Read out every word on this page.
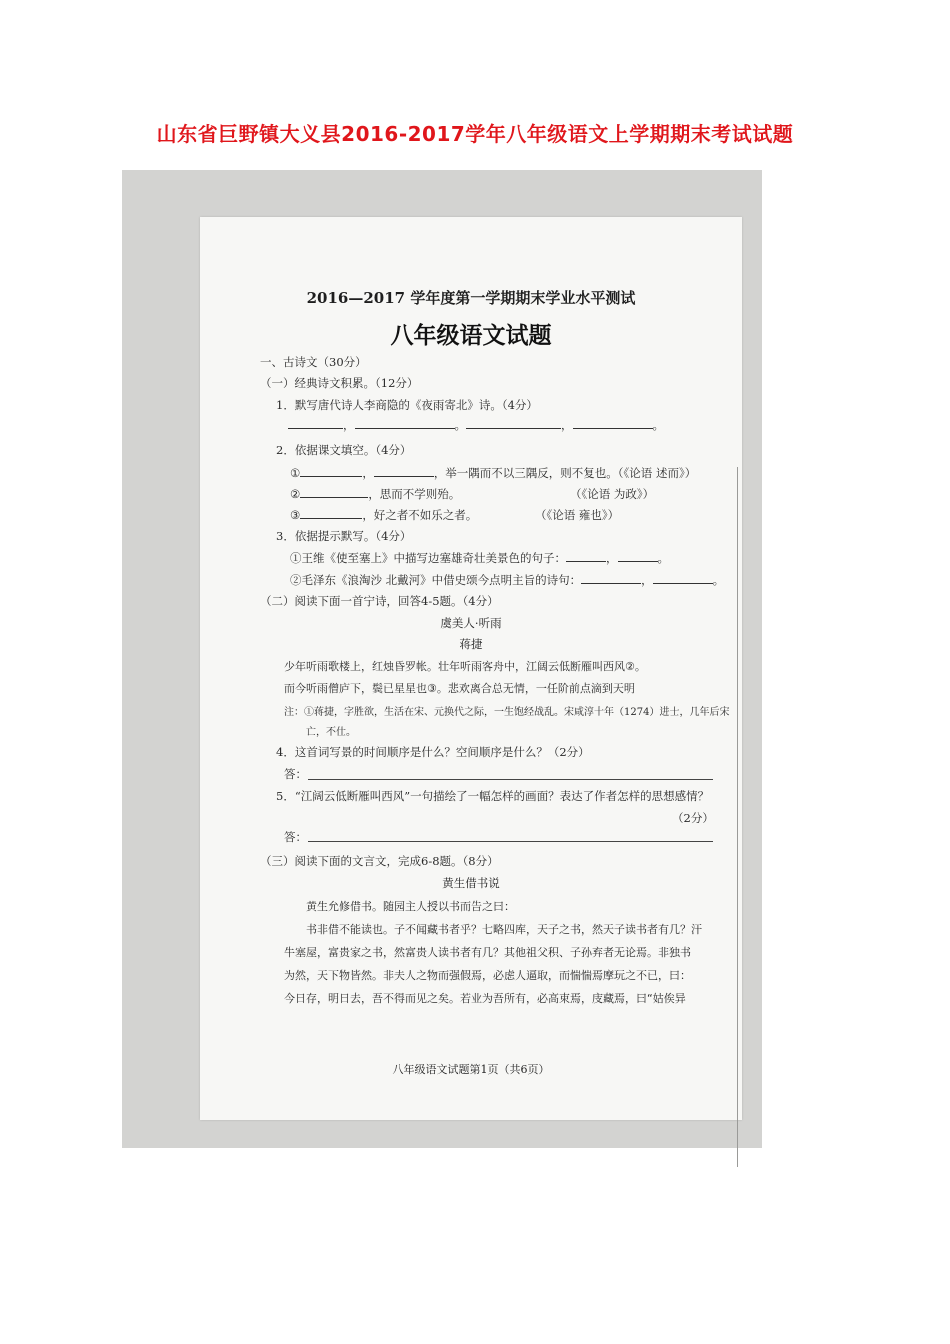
山东省巨野镇大义县2016-2017学年八年级语文上学期期末考试试题
2016—2017 学年度第一学期期末学业水平测试
八年级语文试题
一、古诗文（30分）
（一）经典诗文积累。（12分）
1．默写唐代诗人李商隐的《夜雨寄北》诗。（4分）
，	。	，	。
2．依据课文填空。（4分）
①	，	，举一隅而不以三隅反，则不复也。（《论语 述而》）
②	，思而不学则殆。	（《论语 为政》）
③	，好之者不如乐之者。	（《论语 雍也》）
3．依据提示默写。（4分）
①王维《使至塞上》中描写边塞雄奇壮美景色的句子：	，	。
②毛泽东《浪淘沙 北戴河》中借史颂今点明主旨的诗句：	，	。
（二）阅读下面一首宁诗，回答4-5题。（4分）
虞美人·听雨
蒋捷
少年听雨歌楼上，红烛昏罗帐。壮年听雨客舟中，江阔云低断雁叫西风②。
而今听雨僧庐下，鬓已星星也③。悲欢离合总无情，一任阶前点滴到天明
注：①蒋捷，字胜欲，生活在宋、元换代之际，一生饱经战乱。宋咸淳十年（1274）进士，几年后宋
亡，不仕。
4．这首词写景的时间顺序是什么？空间顺序是什么？（2分）
答：
5．“江阔云低断雁叫西风”一句描绘了一幅怎样的画面？表达了作者怎样的思想感情？
（2分）
答：
（三）阅读下面的文言文，完成6-8题。（8分）
黄生借书说
黄生允修借书。随园主人授以书而告之曰：
书非借不能读也。子不闻藏书者乎？七略四库，天子之书，然天子读书者有几？汗
牛塞屋，富贵家之书，然富贵人读书者有几？其他祖父积、子孙弃者无论焉。非独书
为然，天下物皆然。非夫人之物而强假焉，必虑人逼取，而惴惴焉摩玩之不已，曰：
今日存，明日去，吾不得而见之矣。若业为吾所有，必高束焉，庋藏焉，曰“姑俟异
八年级语文试题第1页（共6页）
